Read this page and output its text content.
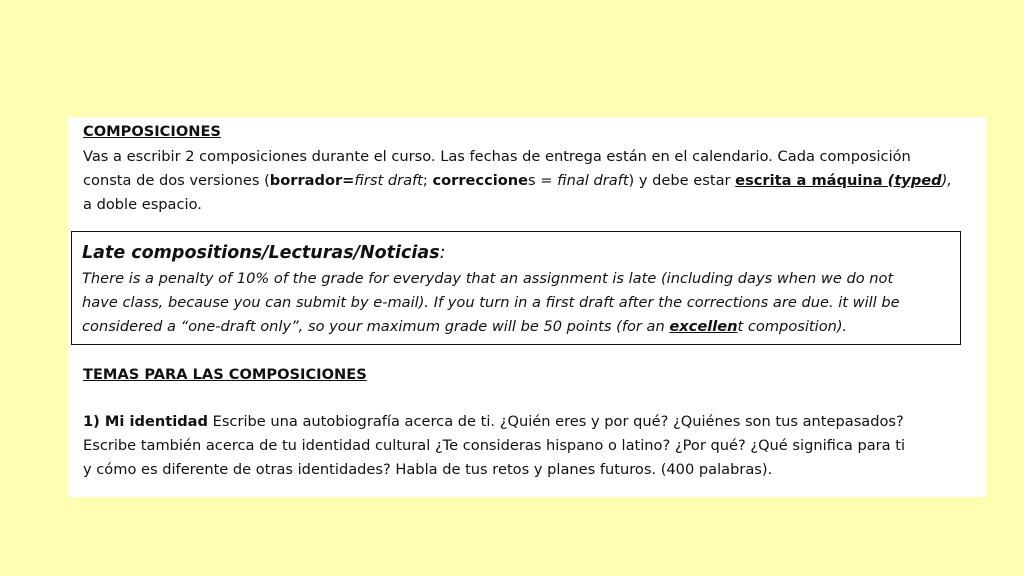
COMPOSICIONES
Vas a escribir 2 composiciones durante el curso. Las fechas de entrega están en el calendario. Cada composición
consta de dos versiones (borrador=first draft; correcciones = final draft) y debe estar escrita a máquina (typed),
a doble espacio.
Late compositions/Lecturas/Noticias:
There is a penalty of 10% of the grade for everyday that an assignment is late (including days when we do not
have class, because you can submit by e-mail). If you turn in a first draft after the corrections are due. it will be
considered a “one-draft only”, so your maximum grade will be 50 points (for an excellent composition).
TEMAS PARA LAS COMPOSICIONES
1) Mi identidad Escribe una autobiografía acerca de ti. ¿Quién eres y por qué? ¿Quiénes son tus antepasados?
Escribe también acerca de tu identidad cultural ¿Te consideras hispano o latino? ¿Por qué? ¿Qué significa para ti
y cómo es diferente de otras identidades? Habla de tus retos y planes futuros. (400 palabras).
